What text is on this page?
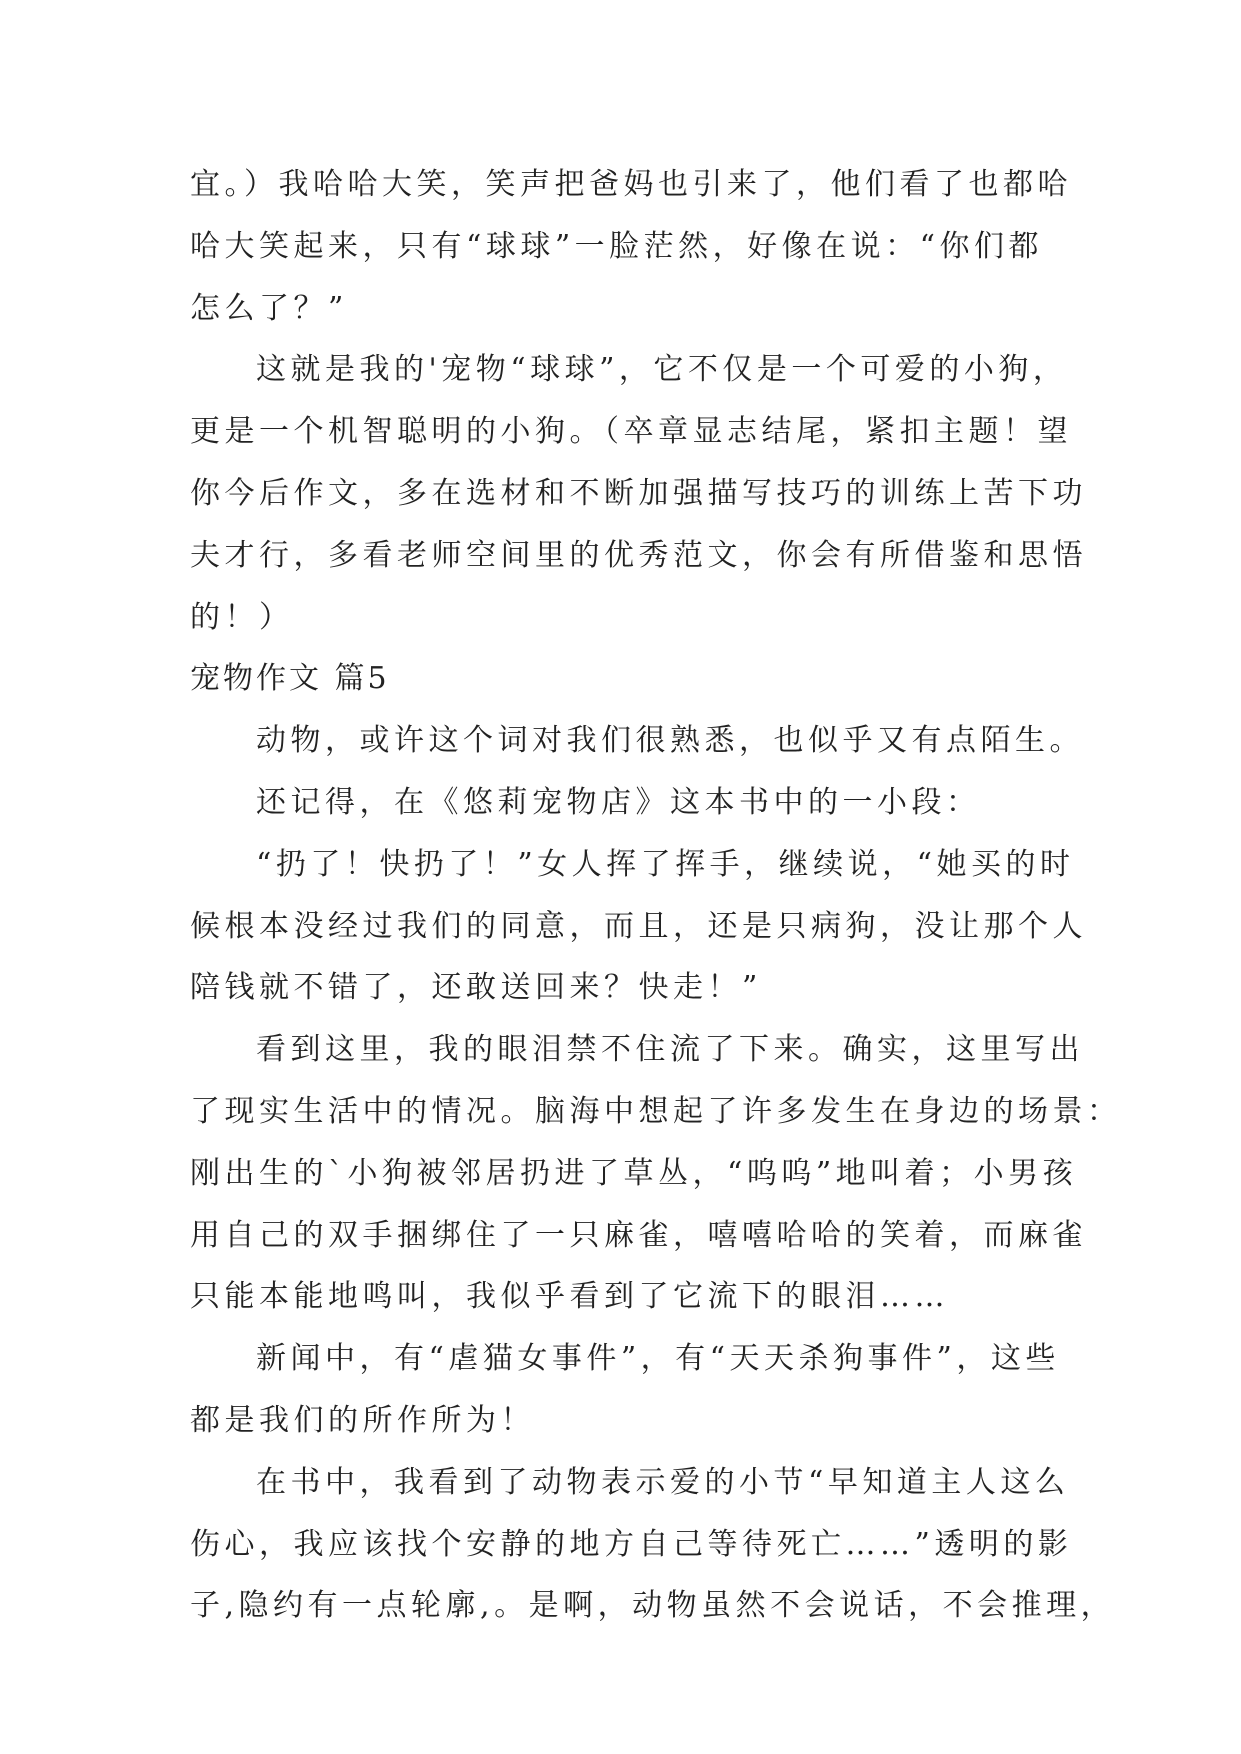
宜。）我哈哈大笑，笑声把爸妈也引来了，他们看了也都哈
哈大笑起来，只有“球球”一脸茫然，好像在说：“你们都
怎么了？”
这就是我的'宠物“球球”，它不仅是一个可爱的小狗，
更是一个机智聪明的小狗。（卒章显志结尾，紧扣主题！望
你今后作文，多在选材和不断加强描写技巧的训练上苦下功
夫才行，多看老师空间里的优秀范文，你会有所借鉴和思悟
的！）
宠物作文 篇5
动物，或许这个词对我们很熟悉，也似乎又有点陌生。
还记得，在《悠莉宠物店》这本书中的一小段：
“扔了！快扔了！”女人挥了挥手，继续说，“她买的时
候根本没经过我们的同意，而且，还是只病狗，没让那个人
陪钱就不错了，还敢送回来？快走！”
看到这里，我的眼泪禁不住流了下来。确实，这里写出
了现实生活中的情况。脑海中想起了许多发生在身边的场景：
刚出生的`小狗被邻居扔进了草丛，“呜呜”地叫着；小男孩
用自己的双手捆绑住了一只麻雀，嘻嘻哈哈的笑着，而麻雀
只能本能地鸣叫，我似乎看到了它流下的眼泪……
新闻中，有“虐猫女事件”，有“天天杀狗事件”，这些
都是我们的所作所为！
在书中，我看到了动物表示爱的小节“早知道主人这么
伤心，我应该找个安静的地方自己等待死亡……”透明的影
子,隐约有一点轮廓,。是啊，动物虽然不会说话，不会推理，
